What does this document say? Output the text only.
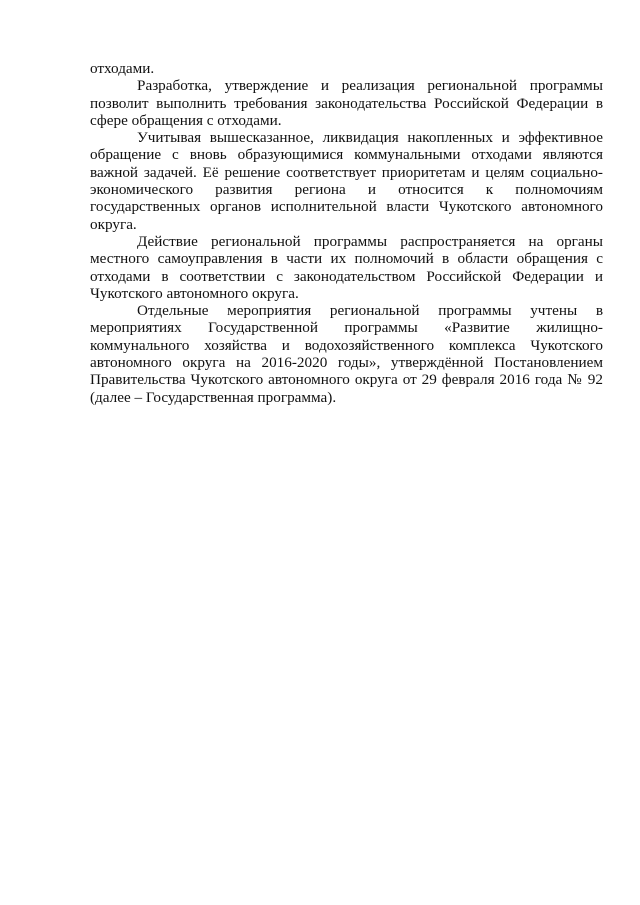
отходами.

Разработка, утверждение и реализация региональной программы позволит выполнить требования законодательства Российской Федерации в сфере обращения с отходами.

Учитывая вышесказанное, ликвидация накопленных и эффективное обращение с вновь образующимися коммунальными отходами являются важной задачей. Её решение соответствует приоритетам и целям социально-экономического развития региона и относится к полномочиям государственных органов исполнительной власти Чукотского автономного округа.

Действие региональной программы распространяется на органы местного самоуправления в части их полномочий в области обращения с отходами в соответствии с законодательством Российской Федерации и Чукотского автономного округа.

Отдельные мероприятия региональной программы учтены в мероприятиях Государственной программы «Развитие жилищно-коммунального хозяйства и водохозяйственного комплекса Чукотского автономного округа на 2016-2020 годы», утверждённой Постановлением Правительства Чукотского автономного округа от 29 февраля 2016 года № 92 (далее – Государственная программа).
